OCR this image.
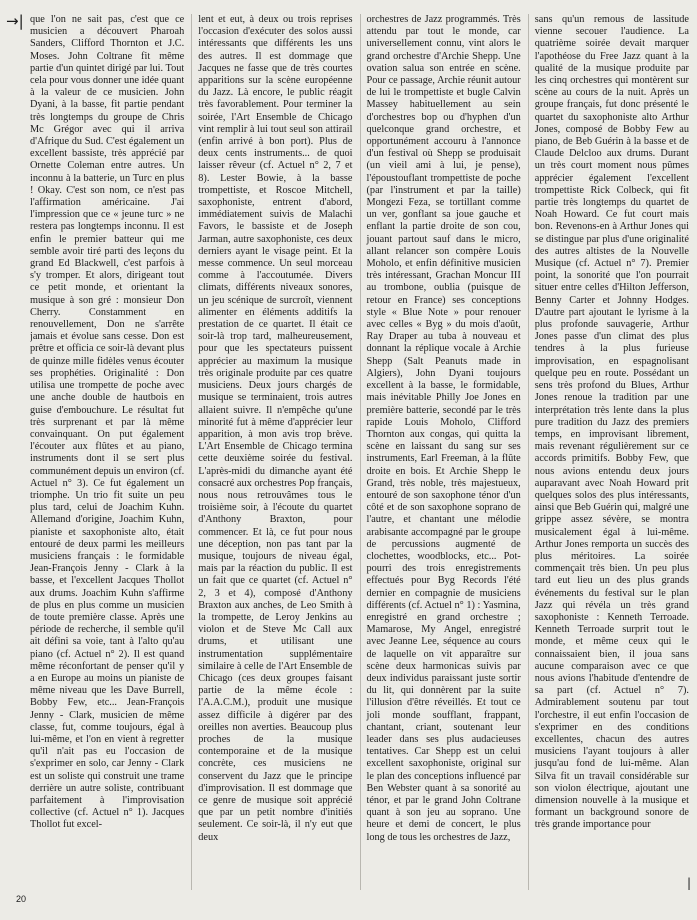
→| que l'on ne sait pas, c'est que ce musicien a découvert Pharoah Sanders, Clifford Thornton et J.C. Moses. John Coltrane fit même partie d'un quintet dirigé par lui. Tout cela pour vous donner une idée quant à la valeur de ce musicien. John Dyani, à la basse, fit partie pendant très longtemps du groupe de Chris Mc Grégor avec qui il arriva d'Afrique du Sud. C'est également un excellent bassiste, très apprécié par Ornette Coleman entre autres. Un inconnu à la batterie, un Turc en plus ! Okay. C'est son nom, ce n'est pas l'affirmation américaine. J'ai l'impression que ce « jeune turc » ne restera pas longtemps inconnu. Il est enfin le premier batteur qui me semble avoir tiré parti des leçons du grand Ed Blackwell, c'est parfois à s'y tromper. Et alors, dirigeant tout ce petit monde, et orientant la musique à son gré : monsieur Don Cherry. Constamment en renouvellement, Don ne s'arrête jamais et évolue sans cesse. Don est prêtre et officia ce soir-là devant plus de quinze mille fidèles venus écouter ses prophéties. Originalité : Don utilisa une trompette de poche avec une anche double de hautbois en guise d'embouchure. Le résultat fut très surprenant et par là même convainquant. On put également l'écouter aux flûtes et au piano, instruments dont il se sert plus communément depuis un environ (cf. Actuel n° 3). Ce fut également un triomphe. Un trio fit suite un peu plus tard, celui de Joachim Kuhn. Allemand d'origine, Joachim Kuhn, pianiste et saxophoniste alto, était entouré de deux parmi les meilleurs musiciens français : le formidable Jean-François Jenny - Clark à la basse, et l'excellent Jacques Thollot aux drums. Joachim Kuhn s'affirme de plus en plus comme un musicien de toute première classe. Après une période de recherche, il semble qu'il ait défini sa voie, tant à l'alto qu'au piano (cf. Actuel n° 2). Il est quand même réconfortant de penser qu'il y a en Europe au moins un pianiste de même niveau que les Dave Burrell, Bobby Few, etc... Jean-François Jenny - Clark, musicien de même classe, fut, comme toujours, égal à lui-même, et l'on en vient à regretter qu'il n'ait pas eu l'occasion de s'exprimer en solo, car Jenny - Clark est un soliste qui construit une trame derrière un autre soliste, contribuant parfaitement à l'improvisation collective (cf. Actuel n° 1). Jacques Thollot fut excel-

lent et eut, à deux ou trois reprises l'occasion d'exécuter des solos aussi intéressants que différents les uns des autres. Il est dommage que Jacques ne fasse que de très courtes apparitions sur la scène européenne du Jazz. Là encore, le public réagit très favorablement. Pour terminer la soirée, l'Art Ensemble de Chicago vint remplir à lui tout seul son attirail (enfin arrivé à bon port). Plus de deux cents instruments... de quoi laisser rêveur (cf. Actuel n° 2, 7 et 8). Lester Bowie, à la basse trompettiste, et Roscoe Mitchell, saxophoniste, entrent d'abord, immédiatement suivis de Malachi Favors, le bassiste et de Joseph Jarman, autre saxophoniste, ces deux derniers ayant le visage peint. Et la messe commence. Un seul morceau comme à l'accoutumée. Divers climats, différents niveaux sonores, un jeu scénique de surcroît, viennent alimenter en éléments additifs la prestation de ce quartet. Il était ce soir-là trop tard, malheureusement, pour que les spectateurs puissent apprécier au maximum la musique très originale produite par ces quatre musiciens. Deux jours chargés de musique se terminaient, trois autres allaient suivre. Il n'empêche qu'une minorité fut à même d'apprécier leur apparition, à mon avis trop brève. L'Art Ensemble de Chicago termina cette deuxième soirée du festival. L'après-midi du dimanche ayant été consacré aux orchestres Pop français, nous nous retrouvâmes tous le troisième soir, à l'écoute du quartet d'Anthony Braxton, pour commencer. Et là, ce fut pour nous une déception, non pas tant par la musique, toujours de niveau égal, mais par la réaction du public. Il est un fait que ce quartet (cf. Actuel n° 2, 3 et 4), composé d'Anthony Braxton aux anches, de Leo Smith à la trompette, de Leroy Jenkins au violon et de Steve Mc Call aux drums, et utilisant une instrumentation supplémentaire similaire à celle de l'Art Ensemble de Chicago (ces deux groupes faisant partie de la même école : l'A.A.C.M.), produit une musique assez difficile à digérer par des oreilles non averties. Beaucoup plus proches de la musique contemporaine et de la musique concrète, ces musiciens ne conservent du Jazz que le principe d'improvisation. Il est dommage que ce genre de musique soit apprécié que par un petit nombre d'initiés seulement. Ce soir-là, il n'y eut que deux

orchestres de Jazz programmés. Très attendu par tout le monde, car universellement connu, vint alors le grand orchestre d'Archie Shepp. Une ovation salua son entrée en scène. Pour ce passage, Archie réunit autour de lui le trompettiste et bugle Calvin Massey habituellement au sein d'orchestres bop ou d'hyphen d'un quelconque grand orchestre, et opportunément accouru à l'annonce d'un festival où Shepp se produisait (un vieil ami à lui, je pense), l'époustouflant trompettiste de poche (par l'instrument et par la taille) Mongezi Feza, se tortillant comme un ver, gonflant sa joue gauche et enflant la partie droite de son cou, jouant partout sauf dans le micro, allant relancer son compère Louis Moholo, et enfin définitive musicien très intéressant, Grachan Moncur III au trombone, oublia (puisque de retour en France) ses conceptions style « Blue Note » pour renouer avec celles « Byg » du mois d'août, Ray Draper au tuba à nouveau et donnant la réplique vocale à Archie Shepp (Salt Peanuts made in Algiers), John Dyani toujours excellent à la basse, le formidable, mais inévitable Philly Joe Jones en première batterie, secondé par le très rapide Louis Moholo, Clifford Thornton aux congas, qui quitta la scène en laissant du sang sur ses instruments, Earl Freeman, à la flûte droite en bois. Et Archie Shepp le Grand, très noble, très majestueux, entouré de son saxophone ténor d'un côté et de son saxophone soprano de l'autre, et chantant une mélodie arabisante accompagné par le groupe de percussions augmenté de clochettes, woodblocks, etc... Pot-pourri des trois enregistrements effectués pour Byg Records l'été dernier en compagnie de musiciens différents (cf. Actuel n° 1) : Yasmina, enregistré en grand orchestre ; Mamarose, My Angel, enregistré avec Jeanne Lee, séquence au cours de laquelle on vit apparaître sur scène deux harmonicas suivis par deux individus paraissant juste sortir du lit, qui donnèrent par la suite l'illusion d'être réveillés. Et tout ce joli monde soufflant, frappant, chantant, criant, soutenant leur leader dans ses plus audacieuses tentatives. Car Shepp est un celui excellent saxophoniste, original sur le plan des conceptions influencé par Ben Webster quant à sa sonorité au ténor, et par le grand John Coltrane quant à son jeu au soprano. Une heure et demi de concert, le plus long de tous les orchestres de Jazz,

sans qu'un remous de lassitude vienne secouer l'audience. La quatrième soirée devait marquer l'apothéose du Free Jazz quant à la qualité de la musique produite par les cinq orchestres qui montèrent sur scène au cours de la nuit. Après un groupe français, fut donc présenté le quartet du saxophoniste alto Arthur Jones, composé de Bobby Few au piano, de Beb Guérin à la basse et de Claude Delcloo aux drums. Durant un très court moment nous pûmes apprécier également l'excellent trompettiste Rick Colbeck, qui fit partie très longtemps du quartet de Noah Howard. Ce fut court mais bon. Revenons-en à Arthur Jones qui se distingue par plus d'une originalité des autres altistes de la Nouvelle Musique (cf. Actuel n° 7). Premier point, la sonorité que l'on pourrait situer entre celles d'Hilton Jefferson, Benny Carter et Johnny Hodges. D'autre part ajoutant le lyrisme à la plus profonde sauvagerie, Arthur Jones passe d'un climat des plus tendres à la plus furieuse improvisation, en espagnolisant quelque peu en route. Possédant un sens très profond du Blues, Arthur Jones renoue la tradition par une interprétation très lente dans la plus pure tradition du Jazz des premiers temps, en improvisant librement, mais revenant régulièrement sur ce accords primitifs. Bobby Few, que nous avions entendu deux jours auparavant avec Noah Howard prit quelques solos des plus intéressants, ainsi que Beb Guérin qui, malgré une grippe assez sévère, se montra musicalement égal à lui-même. Arthur Jones remporta un succès des plus méritoires. La soirée commençait très bien. Un peu plus tard eut lieu un des plus grands événements du festival sur le plan Jazz qui révéla un très grand saxophoniste : Kenneth Terroade. Kenneth Terroade surprit tout le monde, et même ceux qui le connaissaient bien, il joua sans aucune comparaison avec ce que nous avions l'habitude d'entendre de sa part (cf. Actuel n° 7). Admirablement soutenu par tout l'orchestre, il eut enfin l'occasion de s'exprimer en des conditions excellentes, chacun des autres musiciens l'ayant toujours à aller jusqu'au fond de lui-même. Alan Silva fit un travail considérable sur son violon électrique, ajoutant une dimension nouvelle à la musique et formant un background sonore de très grande importance pour

|
20
